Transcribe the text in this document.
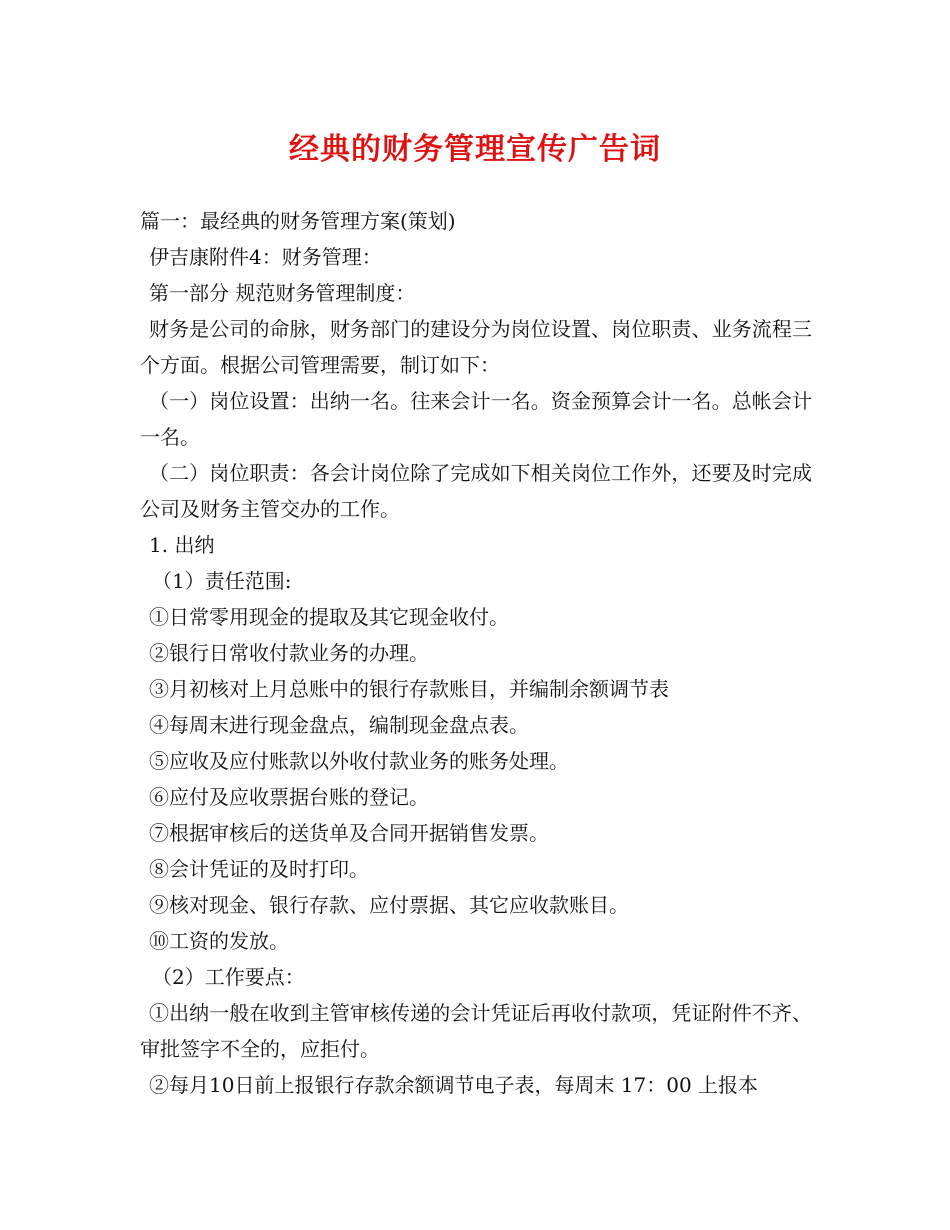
经典的财务管理宣传广告词

篇一：最经典的财务管理方案(策划)

伊吉康附件4：财务管理：

第一部分 规范财务管理制度：

财务是公司的命脉，财务部门的建设分为岗位设置、岗位职责、业务流程三个方面。根据公司管理需要，制订如下：

（一）岗位设置：出纳一名。往来会计一名。资金预算会计一名。总帐会计一名。

（二）岗位职责：各会计岗位除了完成如下相关岗位工作外，还要及时完成公司及财务主管交办的工作。

1. 出纳

（1）责任范围:

①日常零用现金的提取及其它现金收付。

②银行日常收付款业务的办理。

③月初核对上月总账中的银行存款账目，并编制余额调节表

④每周末进行现金盘点，编制现金盘点表。

⑤应收及应付账款以外收付款业务的账务处理。

⑥应付及应收票据台账的登记。

⑦根据审核后的送货单及合同开据销售发票。

⑧会计凭证的及时打印。

⑨核对现金、银行存款、应付票据、其它应收款账目。

⑩工资的发放。

（2）工作要点：

①出纳一般在收到主管审核传递的会计凭证后再收付款项，凭证附件不齐、审批签字不全的，应拒付。

②每月10日前上报银行存款余额调节电子表，每周末 17：00 上报本
